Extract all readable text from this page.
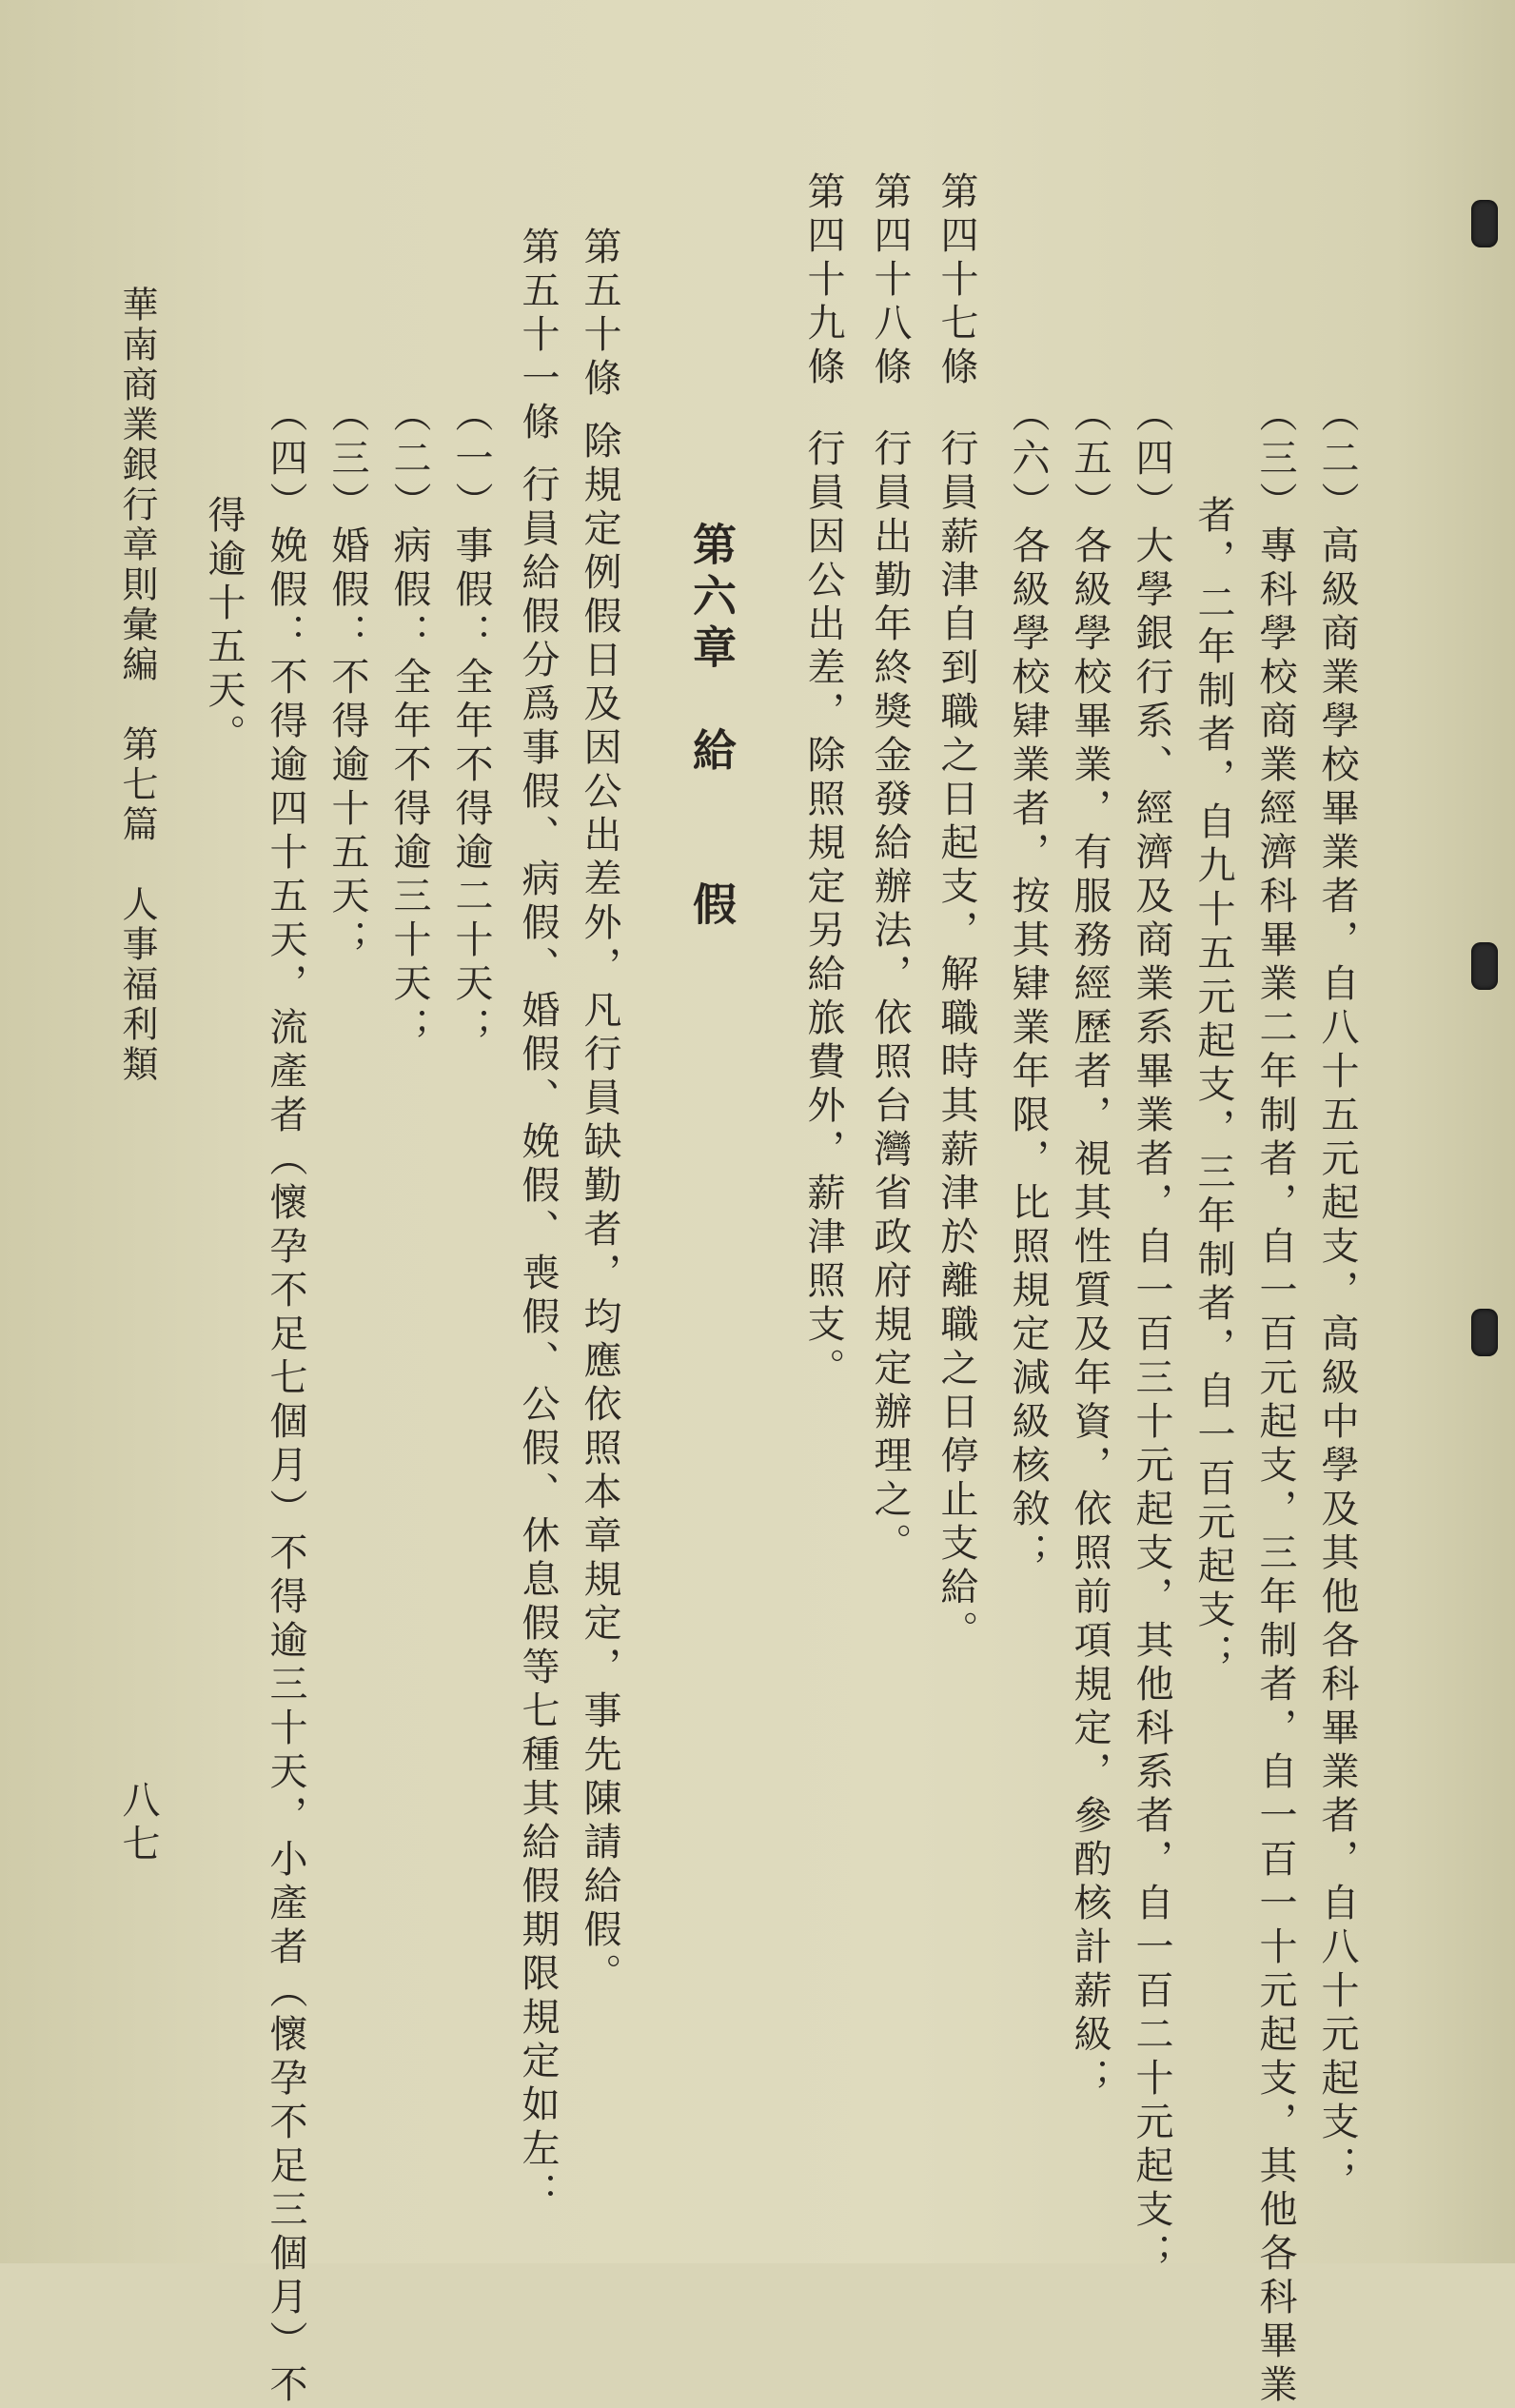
（二）高級商業學校畢業者，自八十五元起支，高級中學及其他各科畢業者，自八十元起支；
（三）專科學校商業經濟科畢業二年制者，自一百元起支，三年制者，自一百一十元起支，其他各科畢業
者，二年制者，自九十五元起支，三年制者，自一百元起支；
（四）大學銀行系、經濟及商業系畢業者，自一百三十元起支，其他科系者，自一百二十元起支；
（五）各級學校畢業，有服務經歷者，視其性質及年資，依照前項規定，參酌核計薪級；
（六）各級學校肄業者，按其肄業年限，比照規定減級核敘；
第四十七條行員薪津自到職之日起支，解職時其薪津於離職之日停止支給。
第四十八條行員出勤年終獎金發給辦法，依照台灣省政府規定辦理之。
第四十九條行員因公出差，除照規定另給旅費外，薪津照支。
第六章　給　　假
第五十條除規定例假日及因公出差外，凡行員缺勤者，均應依照本章規定，事先陳請給假。
第五十一條行員給假分爲事假、病假、婚假、娩假、喪假、公假、休息假等七種其給假期限規定如左：
（一）事假：全年不得逾二十天；
（二）病假：全年不得逾三十天；
（三）婚假：不得逾十五天；
（四）娩假：不得逾四十五天，流產者（懷孕不足七個月）不得逾三十天，小產者（懷孕不足三個月）不
得逾十五天。
華南商業銀行章則彙編　第七篇　人事福利類
八七
